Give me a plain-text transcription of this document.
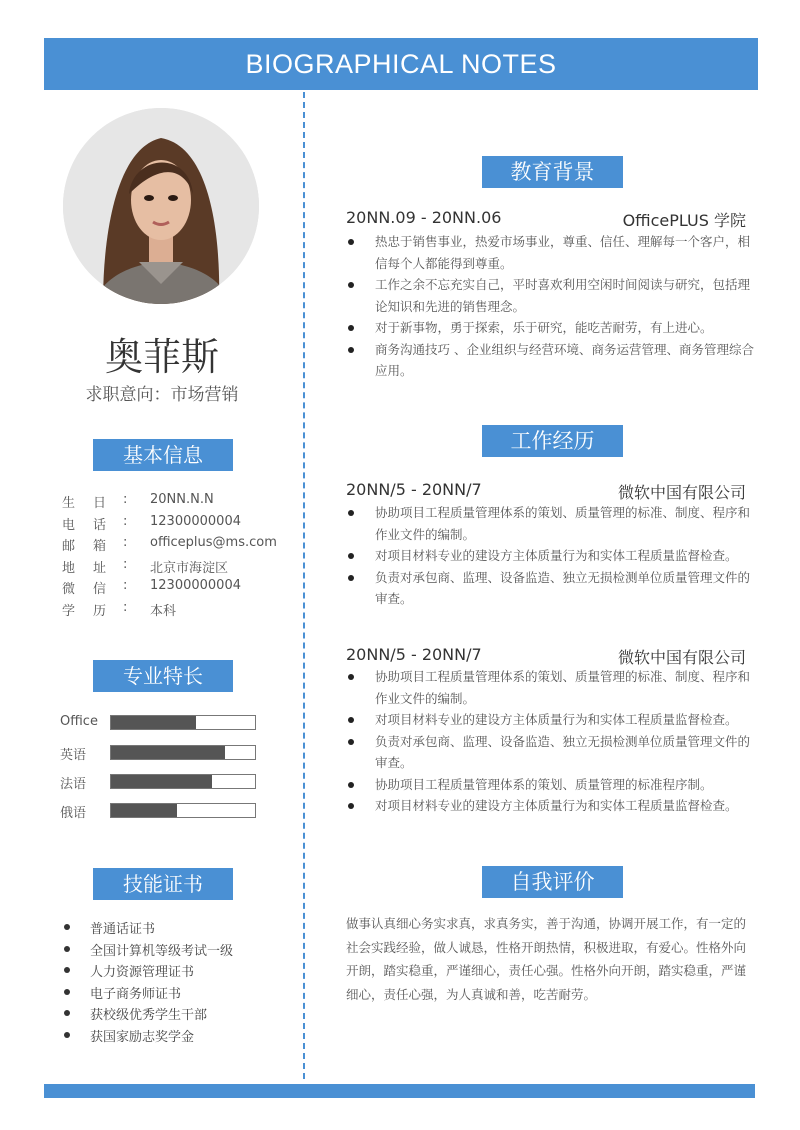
BIOGRAPHICAL NOTES
奥菲斯
求职意向：市场营销
基本信息
生日
: 20NN.N.N
电话
: 12300000004
邮箱
: officeplus@ms.com
地址
: 北京市海淀区
微信
: 12300000004
学历
: 本科
专业特长
Office
英语
法语
俄语
技能证书
普通话证书
全国计算机等级考试一级
人力资源管理证书
电子商务师证书
获校级优秀学生干部
获国家励志奖学金
教育背景
20NN.09 - 20NN.06	OfficePLUS 学院
热忠于销售事业，热爱市场事业，尊重、信任、理解每一个客户，相信每个人都能得到尊重。
工作之余不忘充实自己，平时喜欢利用空闲时间阅读与研究，包括理论知识和先进的销售理念。
对于新事物，勇于探索，乐于研究，能吃苦耐劳，有上进心。
商务沟通技巧 、企业组织与经营环境、商务运营管理、商务管理综合应用。
工作经历
20NN/5 - 20NN/7	微软中国有限公司
协助项目工程质量管理体系的策划、质量管理的标准、制度、程序和作业文件的编制。
对项目材料专业的建设方主体质量行为和实体工程质量监督检查。
负责对承包商、监理、设备监造、独立无损检测单位质量管理文件的审查。
20NN/5 - 20NN/7	微软中国有限公司
协助项目工程质量管理体系的策划、质量管理的标准、制度、程序和作业文件的编制。
对项目材料专业的建设方主体质量行为和实体工程质量监督检查。
负责对承包商、监理、设备监造、独立无损检测单位质量管理文件的审查。
协助项目工程质量管理体系的策划、质量管理的标准程序制。
对项目材料专业的建设方主体质量行为和实体工程质量监督检查。
自我评价
做事认真细心务实求真，求真务实，善于沟通，协调开展工作，有一定的社会实践经验，做人诚恳，性格开朗热情，积极进取，有爱心。性格外向开朗，踏实稳重，严谨细心，责任心强。性格外向开朗，踏实稳重，严谨细心，责任心强，为人真诚和善，吃苦耐劳。
